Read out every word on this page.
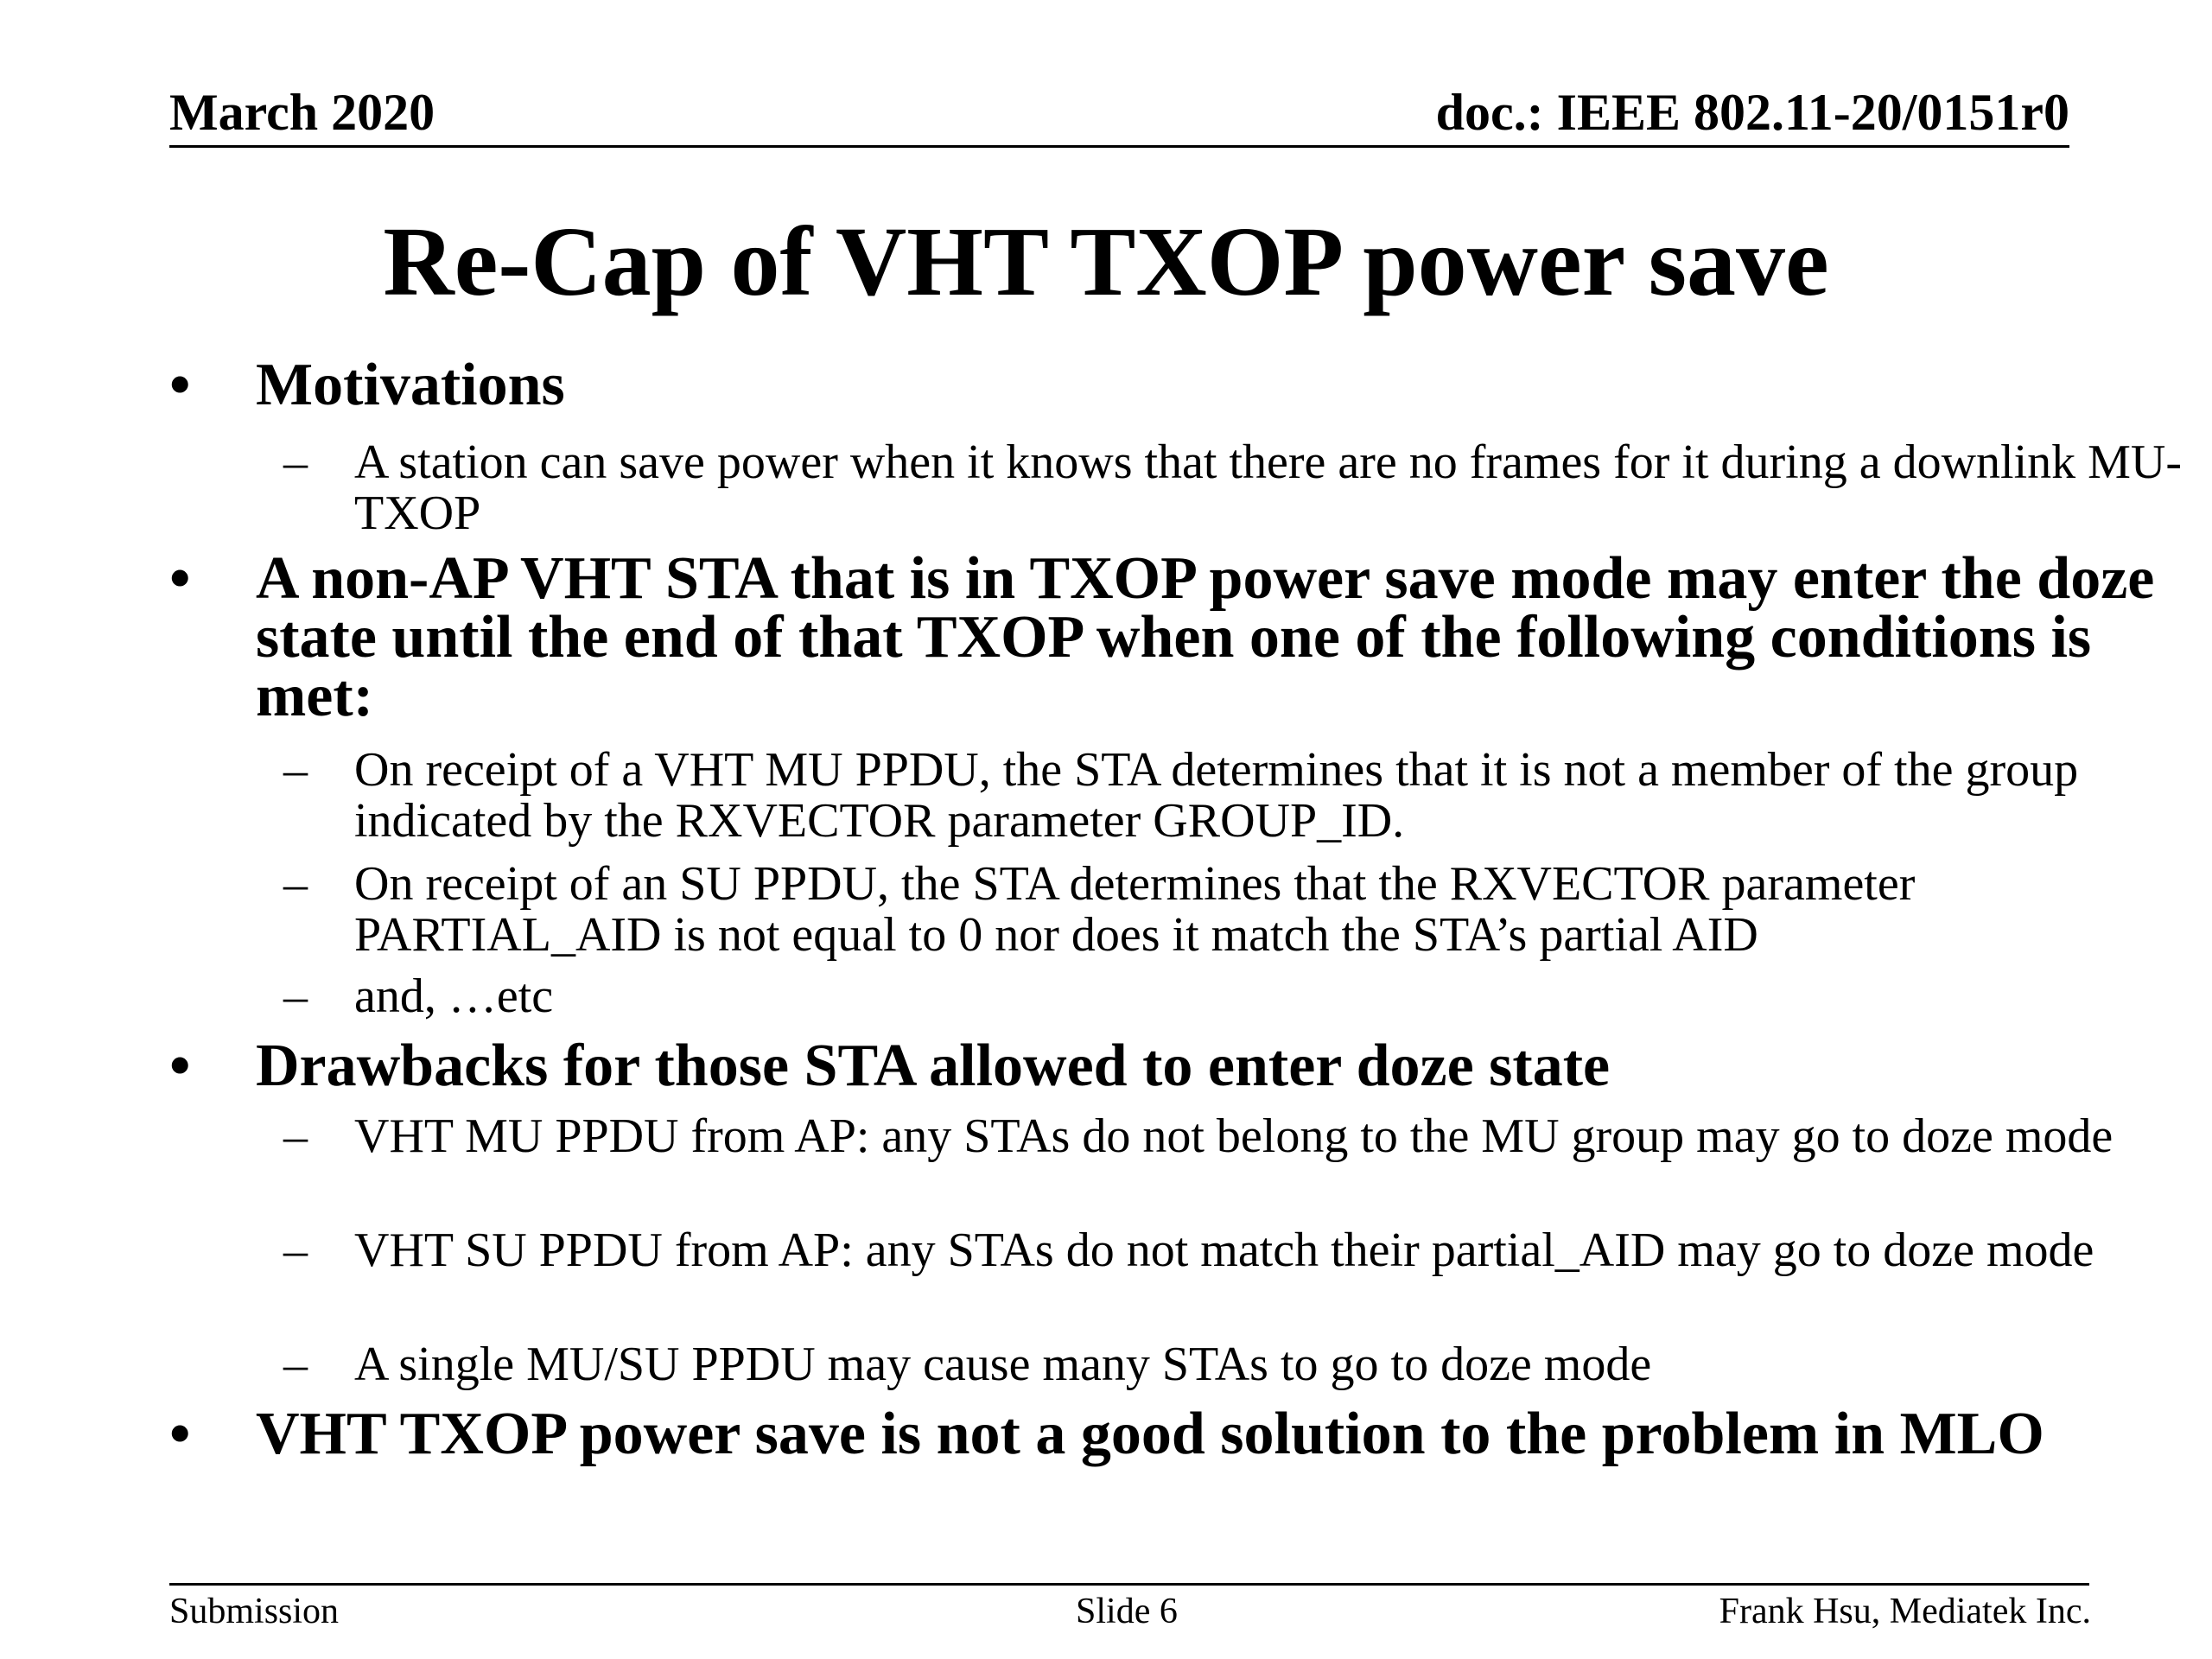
March 2020	doc.: IEEE 802.11-20/0151r0
Re-Cap of VHT TXOP power save
•	Motivations
– A station can save power when it knows that there are no frames for it during a downlink MU-TXOP
•	A non-AP VHT STA that is in TXOP power save mode may enter the doze state until the end of that TXOP when one of the following conditions is met:
– On receipt of a VHT MU PPDU, the STA determines that it is not a member of the group indicated by the RXVECTOR parameter GROUP_ID.
– On receipt of an SU PPDU, the STA determines that the RXVECTOR parameter PARTIAL_AID is not equal to 0 nor does it match the STA’s partial AID
– and, …etc
•	Drawbacks for those STA allowed to enter doze state
– VHT MU PPDU from AP: any STAs do not belong to the MU group may go to doze mode
– VHT SU PPDU from AP: any STAs do not match their partial_AID may go to doze mode
– A single MU/SU PPDU may cause many STAs to go to doze mode
•	VHT TXOP power save is not a good solution to the problem in MLO
Submission	Slide 6	Frank Hsu, Mediatek Inc.
